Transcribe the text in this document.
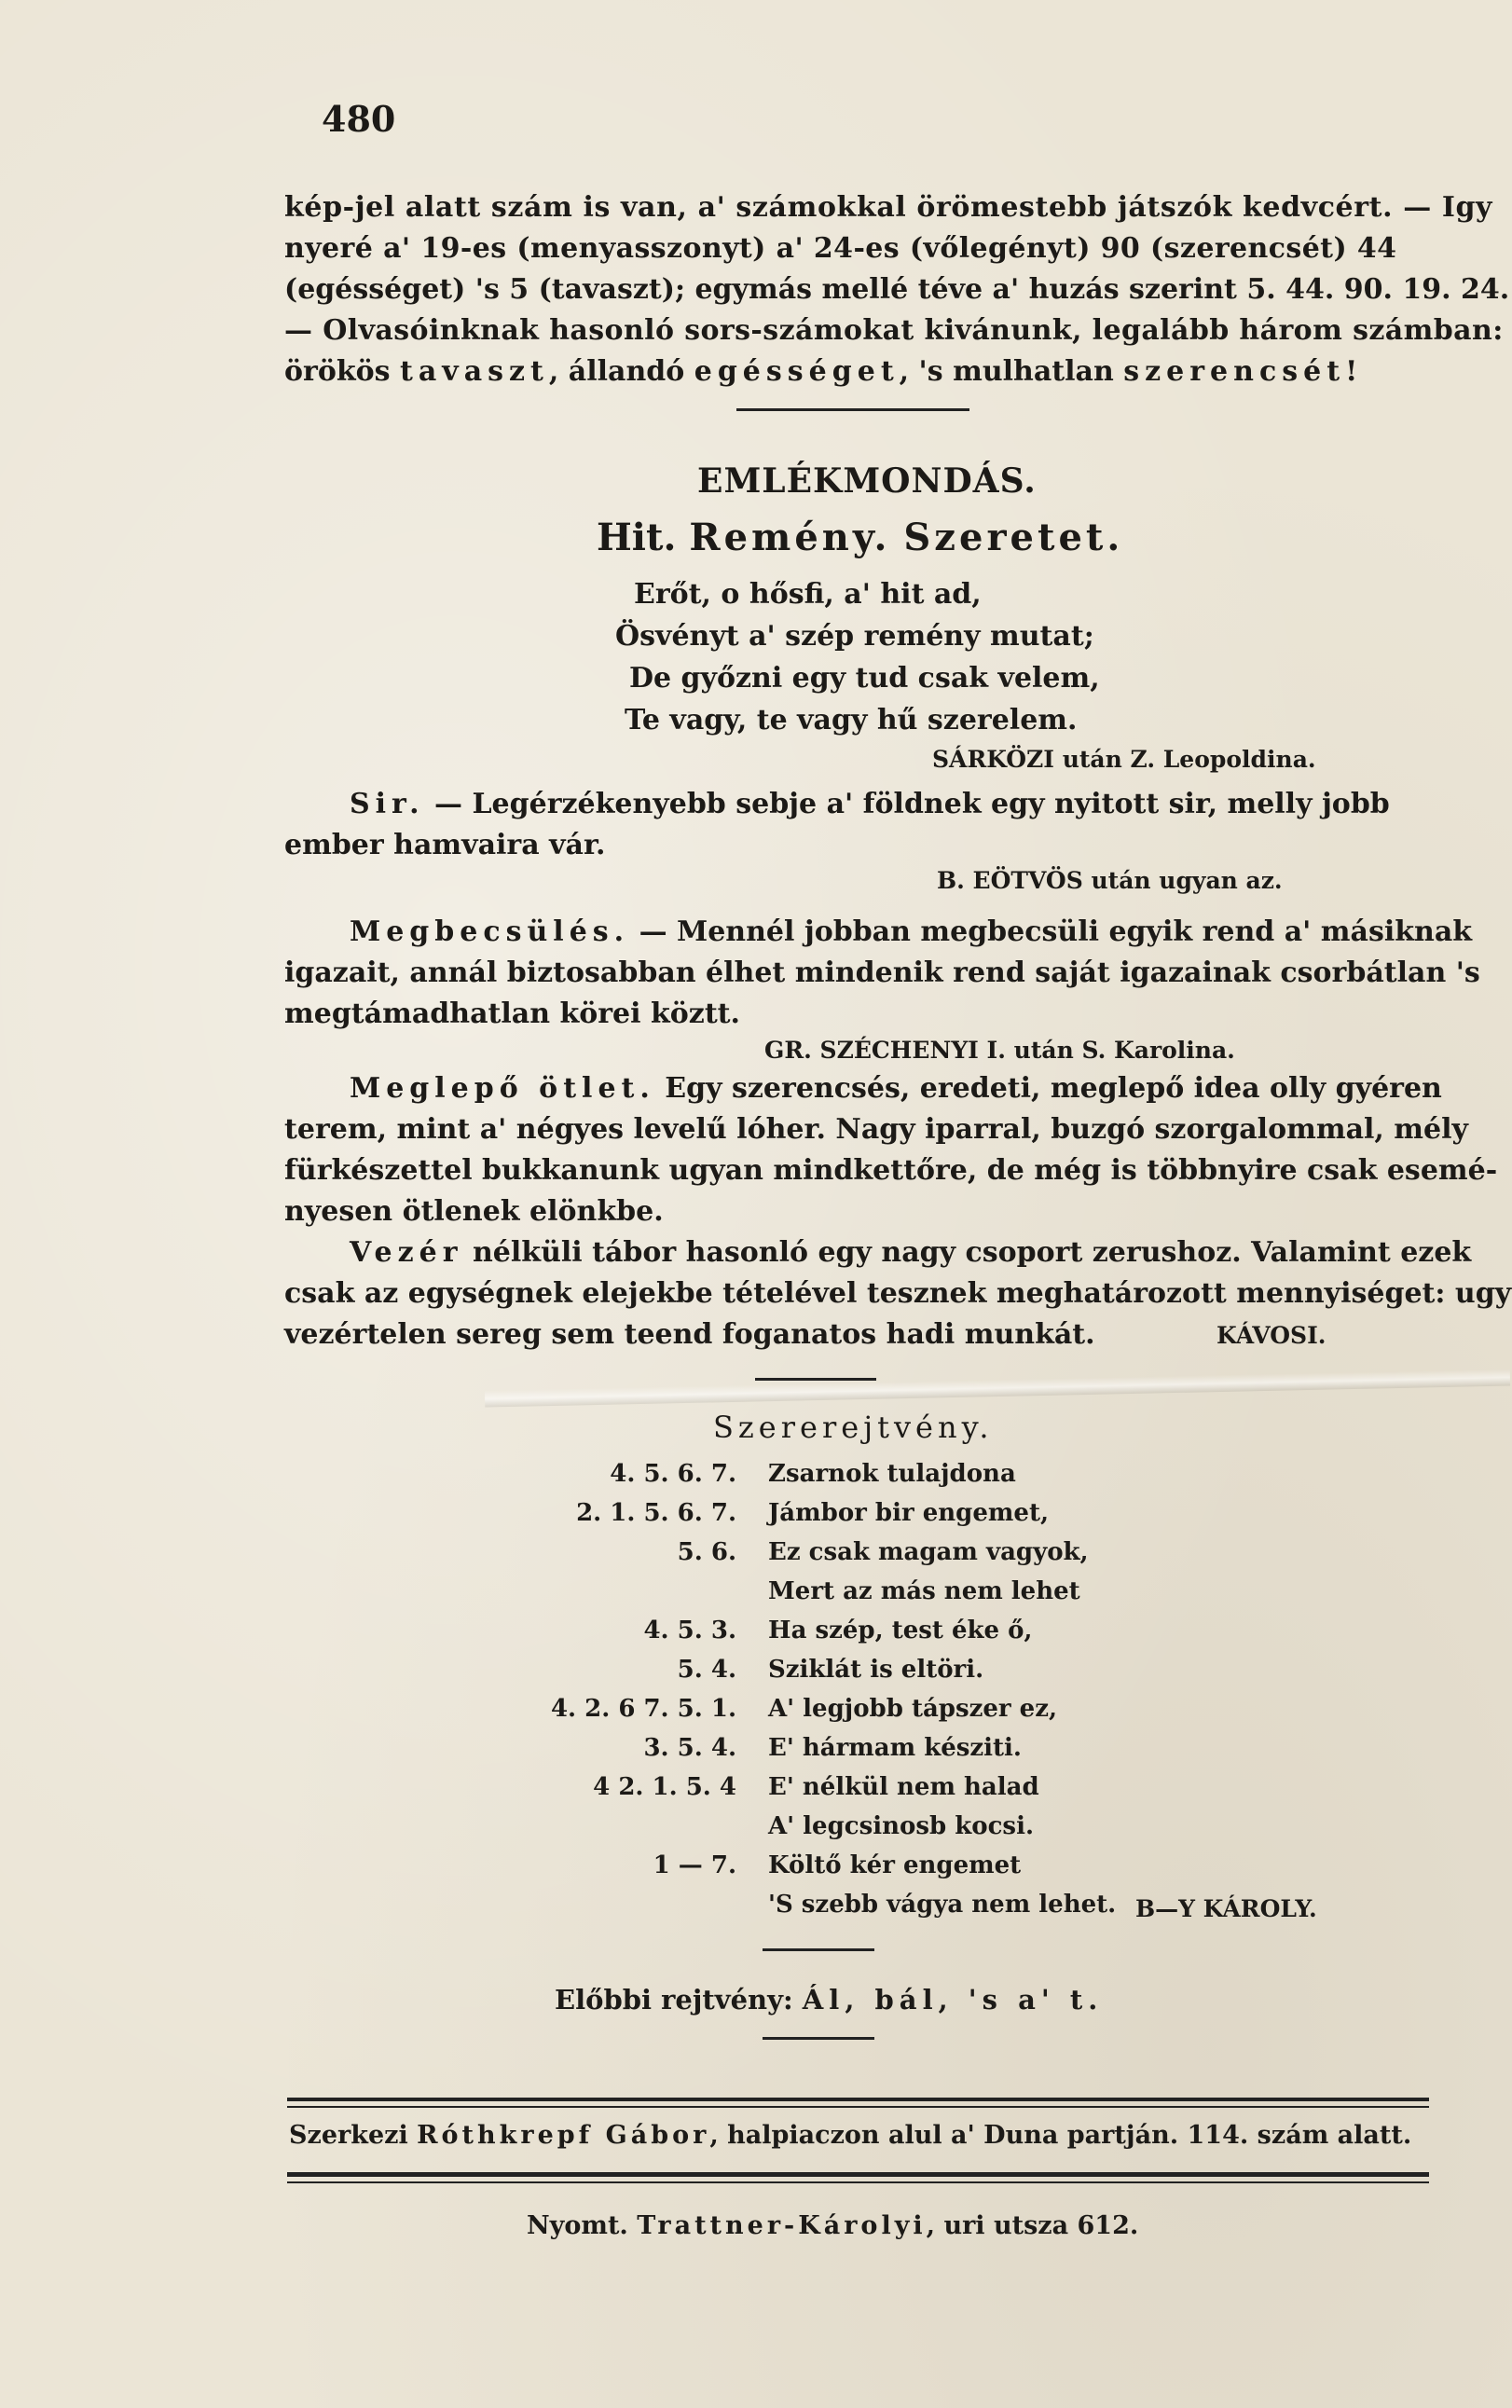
480
kép-jel alatt szám is van, a' számokkal örömestebb játszók kedvcért. — Igy
nyeré a' 19-es (menyasszonyt) a' 24-es (vőlegényt) 90 (szerencsét) 44
(egésséget) 's 5 (tavaszt); egymás mellé téve a' huzás szerint 5. 44. 90. 19. 24.
— Olvasóinknak hasonló sors-számokat kivánunk, legalább három számban:
örökös tavaszt, állandó egésséget, 's mulhatlan szerencsét!
EMLÉKMONDÁS.
Hit. Remény. Szeretet.
Erőt, o hősfi, a' hit ad,
Ösvényt a' szép remény mutat;
De győzni egy tud csak velem,
Te vagy, te vagy hű szerelem.
SÁRKÖZI után Z. Leopoldina.
Sir. — Legérzékenyebb sebje a' földnek egy nyitott sir, melly jobb
ember hamvaira vár.
B. EÖTVÖS után ugyan az.
Megbecsülés. — Mennél jobban megbecsüli egyik rend a' másiknak
igazait, annál biztosabban élhet mindenik rend saját igazainak csorbátlan 's
megtámadhatlan körei köztt.
GR. SZÉCHENYI I. után S. Karolina.
Meglepő ötlet. Egy szerencsés, eredeti, meglepő idea olly gyéren
terem, mint a' négyes levelű lóher. Nagy iparral, buzgó szorgalommal, mély
fürkészettel bukkanunk ugyan mindkettőre, de még is többnyire csak esemé-
nyesen ötlenek elönkbe.
Vezér nélküli tábor hasonló egy nagy csoport zerushoz. Valamint ezek
csak az egységnek elejekbe tételével tesznek meghatározott mennyiséget: ugy
vezértelen sereg sem teend foganatos hadi munkát.	KÁVOSI.
Szererejtvény.
4. 5. 6. 7. Zsarnok tulajdona
2. 1. 5. 6. 7. Jámbor bir engemet,
5. 6. Ez csak magam vagyok,
Mert az más nem lehet
4. 5. 3. Ha szép, test éke ő,
5. 4. Sziklát is eltöri.
4. 2. 6 7. 5. 1. A' legjobb tápszer ez,
3. 5. 4. E' hármam késziti.
4 2. 1. 5. 4 E' nélkül nem halad
A' legcsinosb kocsi.
1 — 7. Költő kér engemet
'S szebb vágya nem lehet. B—Y KÁROLY.
Előbbi rejtvény: Ál, bál, 's a' t.
Szerkezi Róthkrepf Gábor, halpiaczon alul a' Duna partján. 114. szám alatt.
Nyomt. Trattner-Károlyi, uri utsza 612.
